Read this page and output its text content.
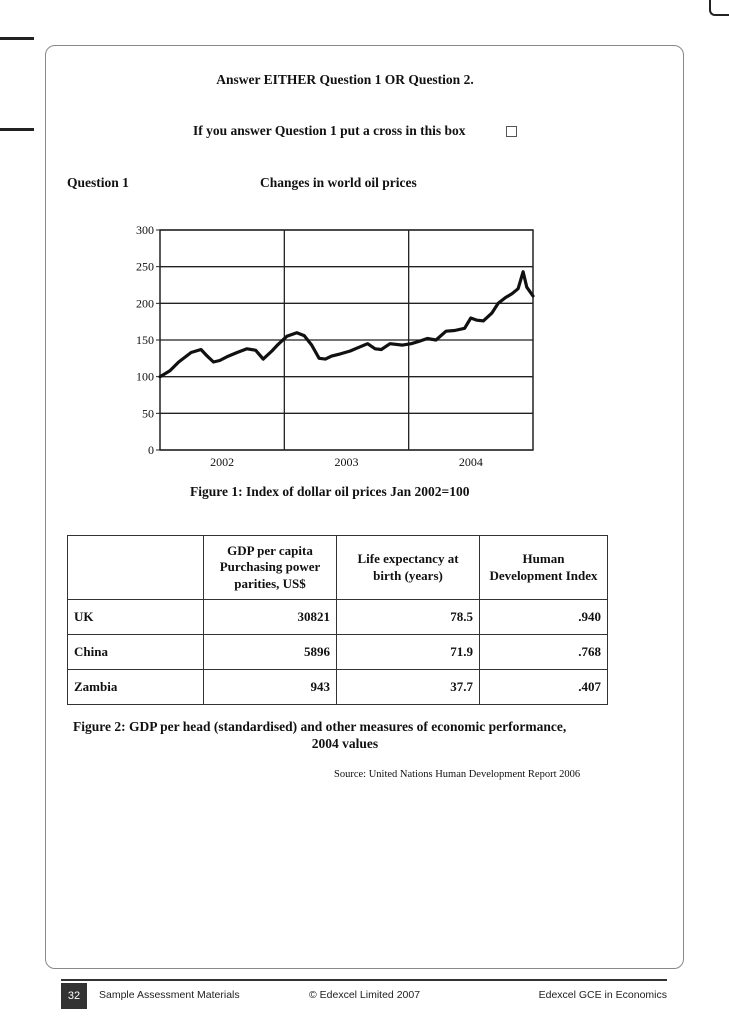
Answer EITHER Question 1 OR Question 2.
If you answer Question 1 put a cross in this box
Question 1	Changes in world oil prices
0
50
100
150
200
250
300
2002	2003	2004
Figure 1: Index of dollar oil prices Jan 2002=100
	GDP per capita Purchasing power parities, US$	Life expectancy at birth (years)	Human Development Index
UK	30821	78.5	.940
China	5896	71.9	.768
Zambia	943	37.7	.407
Figure 2: GDP per head (standardised) and other measures of economic performance,
2004 values
Source: United Nations Human Development Report 2006
32	Sample Assessment Materials	© Edexcel Limited 2007	Edexcel GCE in Economics
